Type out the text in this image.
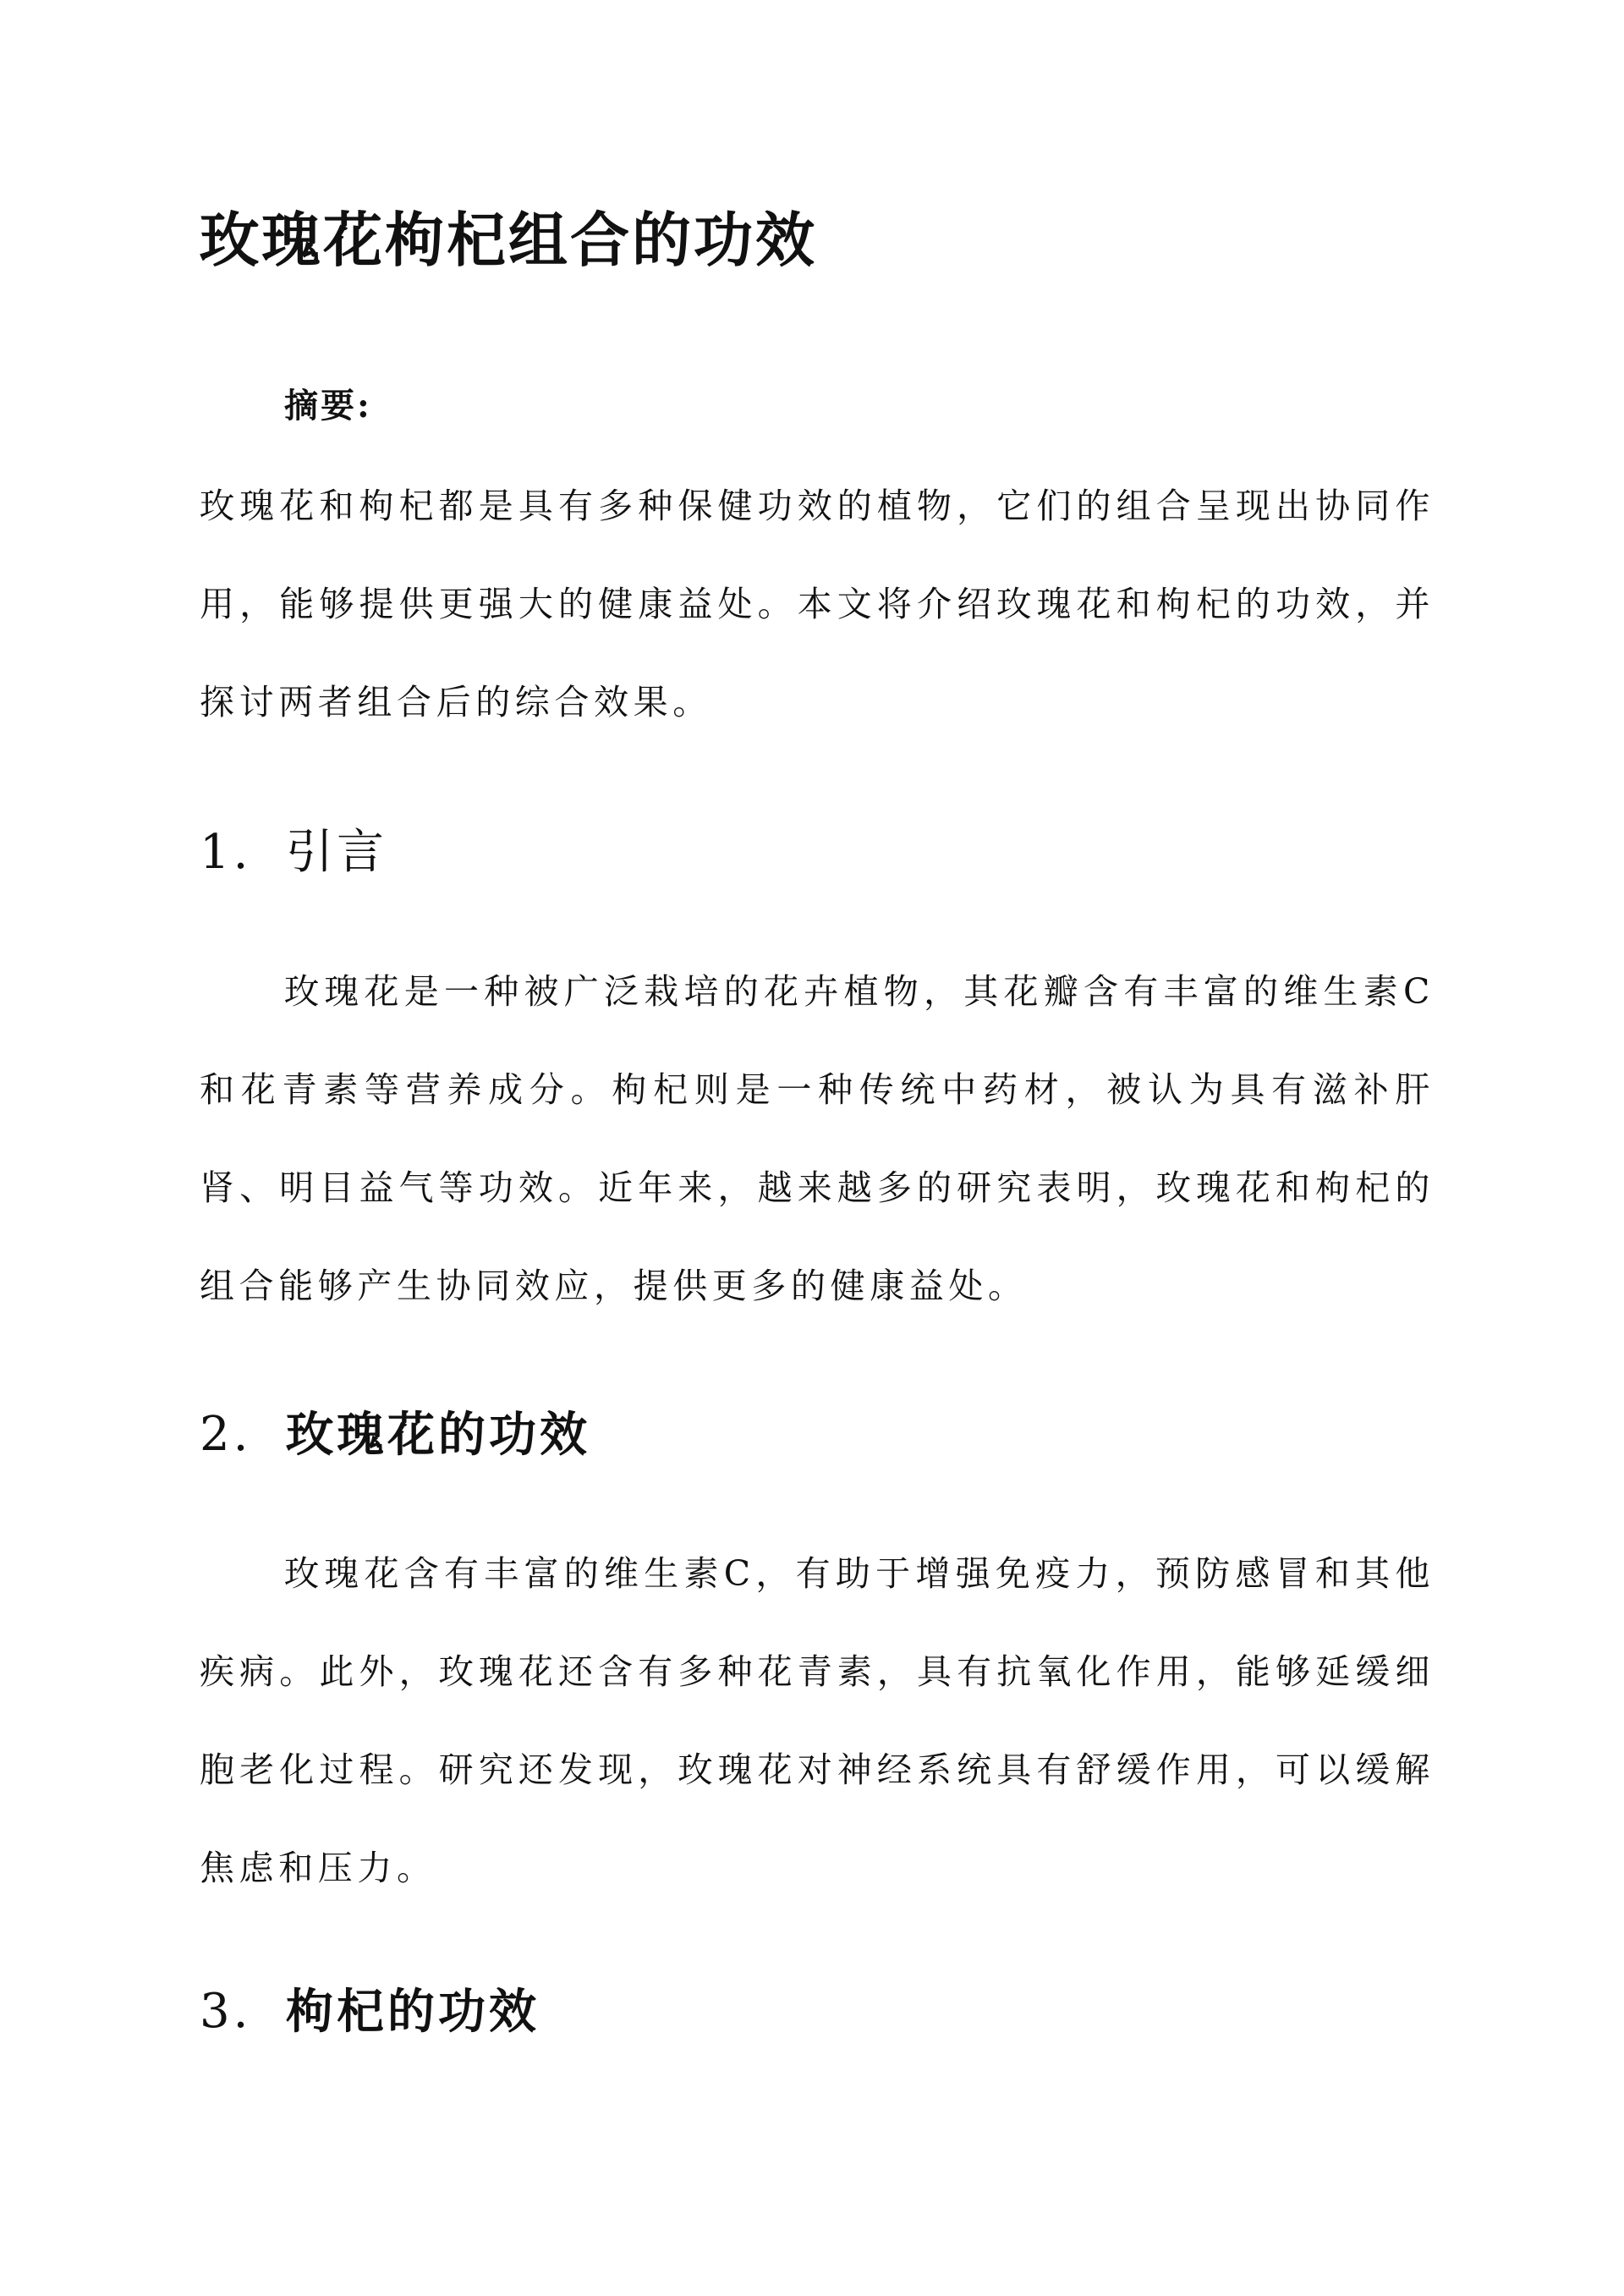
玫瑰花枸杞组合的功效
摘要:

玫瑰花和枸杞都是具有多种保健功效的植物，它们的组合呈现出协同作用，能够提供更强大的健康益处。本文将介绍玫瑰花和枸杞的功效，并探讨两者组合后的综合效果。

1. 引言

玫瑰花是一种被广泛栽培的花卉植物，其花瓣含有丰富的维生素C和花青素等营养成分。枸杞则是一种传统中药材，被认为具有滋补肝肾、明目益气等功效。近年来，越来越多的研究表明，玫瑰花和枸杞的组合能够产生协同效应，提供更多的健康益处。

2. 玫瑰花的功效

玫瑰花含有丰富的维生素C，有助于增强免疫力，预防感冒和其他疾病。此外，玫瑰花还含有多种花青素，具有抗氧化作用，能够延缓细胞老化过程。研究还发现，玫瑰花对神经系统具有舒缓作用，可以缓解焦虑和压力。

3. 枸杞的功效
